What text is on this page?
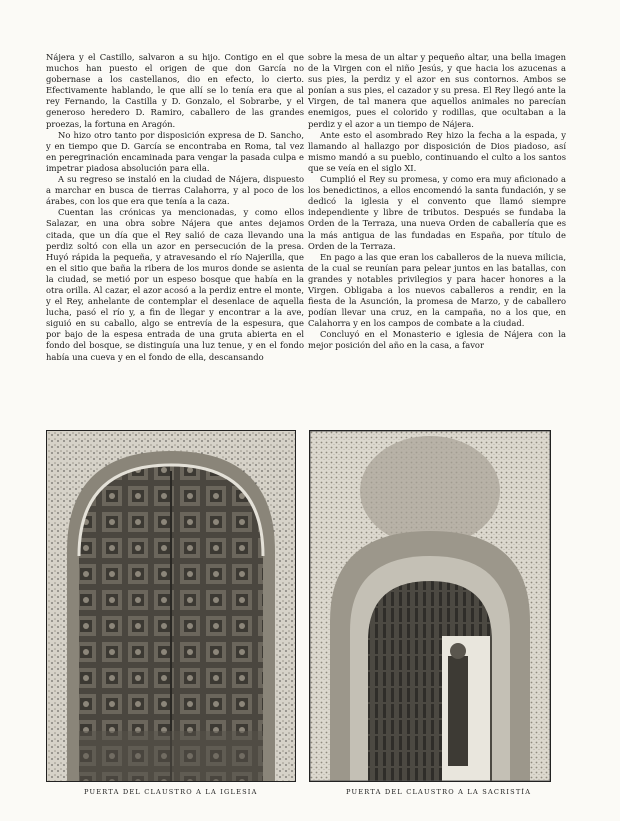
Nájera y el Castillo, salvaron a su hijo. Contigo en el que muchos han puesto el origen de que don García no gobernase a los castellanos, dio en efecto, lo cierto. Efectivamente hablando, le que allí se lo tenía era que al rey Fernando, la Castilla y D. Gonzalo, el Sobrarbe, y el generoso heredero D. Ramiro, caballero de las grandes proezas, la fortuna en Aragón.

No hizo otro tanto por disposición expresa de D. Sancho, y en tiempo que D. García se encontraba en Roma, tal vez en peregrinación encaminada para vengar la pasada culpa e impetrar piadosa absolución para ella.

A su regreso se instaló en la ciudad de Nájera, dispuesto a marchar en busca de tierras Calahorra, y al poco de los árabes, con los que era que tenía a la caza.

Cuentan las crónicas ya mencionadas, y como ellos Salazar, en una obra sobre Nájera que antes dejamos citada, que un día que el Rey salió de caza llevando una perdiz soltó con ella un azor en persecución de la presa. Huyó rápida la pequeña, y atravesando el río Najerilla, que en el sitio que baña la ribera de los muros donde se asienta la ciudad, se metió por un espeso bosque que había en la otra orilla. Al cazar, el azor acosó a la perdiz entre el monte, y el Rey, anhelante de contemplar el desenlace de aquella lucha, pasó el río y, a fin de llegar y encontrar a la ave, siguió en su caballo, algo se entrevía de la espesura, que por bajo de la espesa entrada de una gruta abierta en el fondo del bosque, se distinguía una luz tenue, y en el fondo había una cueva y en el fondo de ella, descansando

sobre la mesa de un altar y pequeño altar, una bella imagen de la Virgen con el niño Jesús, y que hacia los azucenas a sus pies, la perdiz y el azor en sus contornos. Ambos se ponían a sus pies, el cazador y su presa. El Rey llegó ante la Virgen, de tal manera que aquellos animales no parecían enemigos, pues el colorido y rodillas, que ocultaban a la perdiz y el azor a un tiempo de Nájera.

Ante esto el asombrado Rey hizo la fecha a la espada, y llamando al hallazgo por disposición de Dios piadoso, así mismo mandó a su pueblo, continuando el culto a los santos que se veía en el siglo XI.

Cumplió el Rey su promesa, y como era muy aficionado a los benedictinos, a ellos encomendó la santa fundación, y se dedicó la iglesia y el convento que llamó siempre independiente y libre de tributos. Después se fundaba la Orden de la Terraza, una nueva Orden de caballería que es la más antigua de las fundadas en España, por título de Orden de la Terraza.

En pago a las que eran los caballeros de la nueva milicia, de la cual se reunían para pelear juntos en las batallas, con grandes y notables privilegios y para hacer honores a la Virgen. Obligaba a los nuevos caballeros a rendir, en la fiesta de la Asunción, la promesa de Marzo, y de caballero podían llevar una cruz, en la campaña, no a los que, en Calahorra y en los campos de combate a la ciudad.

Concluyó en el Monasterio e iglesia de Nájera con la mejor posición del año en la casa, a favor

PUERTA DEL CLAUSTRO A LA IGLESIA	PUERTA DEL CLAUSTRO A LA SACRISTÍA
